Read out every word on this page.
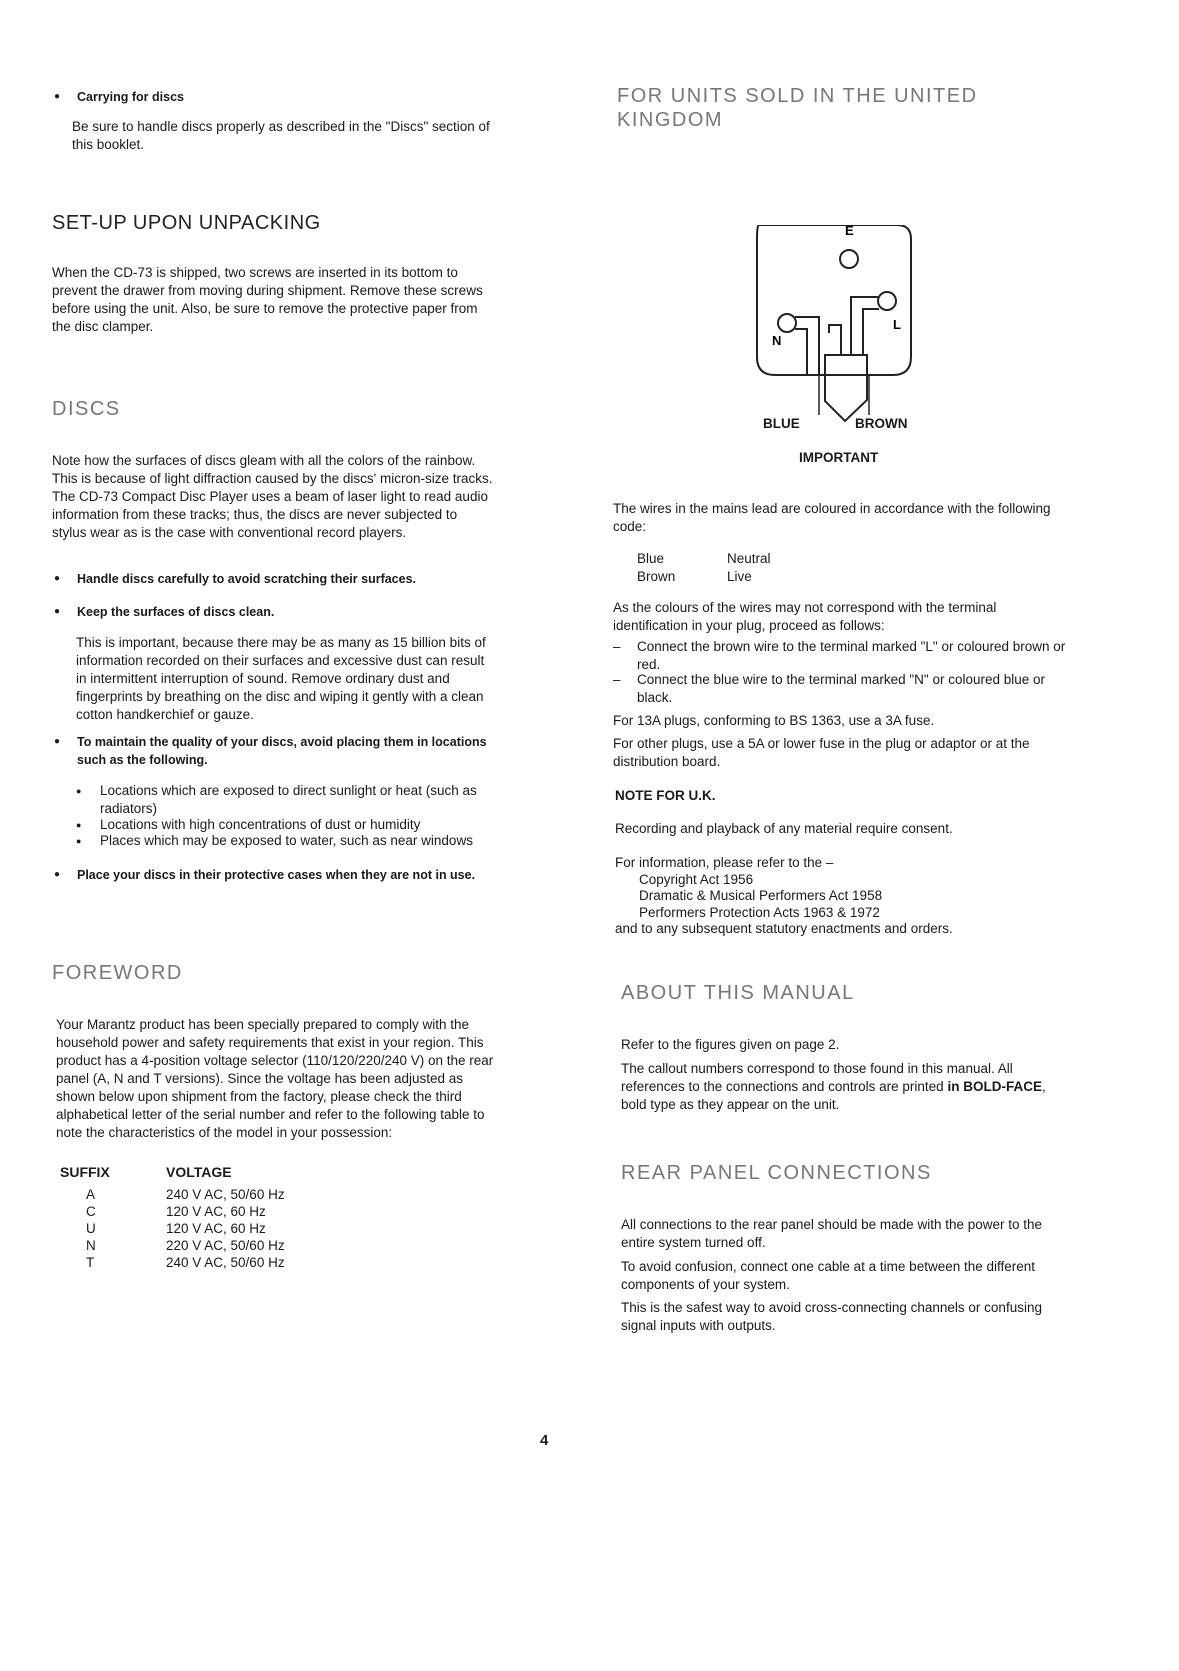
● Carrying for discs

Be sure to handle discs properly as described in the "Discs" section of this booklet.

SET-UP UPON UNPACKING

When the CD-73 is shipped, two screws are inserted in its bottom to prevent the drawer from moving during shipment. Remove these screws before using the unit. Also, be sure to remove the protective paper from the disc clamper.

DISCS

Note how the surfaces of discs gleam with all the colors of the rainbow. This is because of light diffraction caused by the discs' micron-size tracks. The CD-73 Compact Disc Player uses a beam of laser light to read audio information from these tracks; thus, the discs are never subjected to stylus wear as is the case with conventional record players.

● Handle discs carefully to avoid scratching their surfaces.
● Keep the surfaces of discs clean.

This is important, because there may be as many as 15 billion bits of information recorded on their surfaces and excessive dust can result in intermittent interruption of sound. Remove ordinary dust and fingerprints by breathing on the disc and wiping it gently with a clean cotton handkerchief or gauze.

● To maintain the quality of your discs, avoid placing them in locations such as the following.
● Locations which are exposed to direct sunlight or heat (such as radiators)
● Locations with high concentrations of dust or humidity
● Places which may be exposed to water, such as near windows
● Place your discs in their protective cases when they are not in use.
FOREWORD

Your Marantz product has been specially prepared to comply with the household power and safety requirements that exist in your region. This product has a 4-position voltage selector (110/120/220/240 V) on the rear panel (A, N and T versions). Since the voltage has been adjusted as shown below upon shipment from the factory, please check the third alphabetical letter of the serial number and refer to the following table to note the characteristics of the model in your possession:

SUFFIX	VOLTAGE
A	240 V AC, 50/60 Hz
C	120 V AC, 60 Hz
U	120 V AC, 60 Hz
N	220 V AC, 50/60 Hz
T	240 V AC, 50/60 Hz
FOR UNITS SOLD IN THE UNITED KINGDOM
E
N
L
BLUE	BROWN
IMPORTANT

The wires in the mains lead are coloured in accordance with the following code:

Blue	Neutral
Brown	Live

As the colours of the wires may not correspond with the terminal identification in your plug, proceed as follows:

– Connect the brown wire to the terminal marked "L" or coloured brown or red.
– Connect the blue wire to the terminal marked "N" or coloured blue or black.

For 13A plugs, conforming to BS 1363, use a 3A fuse.

For other plugs, use a 5A or lower fuse in the plug or adaptor or at the distribution board.

NOTE FOR U.K.

Recording and playback of any material require consent.

For information, please refer to the –

Copyright Act 1956

Dramatic & Musical Performers Act 1958

Performers Protection Acts 1963 & 1972

and to any subsequent statutory enactments and orders.

ABOUT THIS MANUAL

Refer to the figures given on page 2.

The callout numbers correspond to those found in this manual. All references to the connections and controls are printed in BOLD-FACE, bold type as they appear on the unit.

REAR PANEL CONNECTIONS

All connections to the rear panel should be made with the power to the entire system turned off.

To avoid confusion, connect one cable at a time between the different components of your system.

This is the safest way to avoid cross-connecting channels or confusing signal inputs with outputs.

4
